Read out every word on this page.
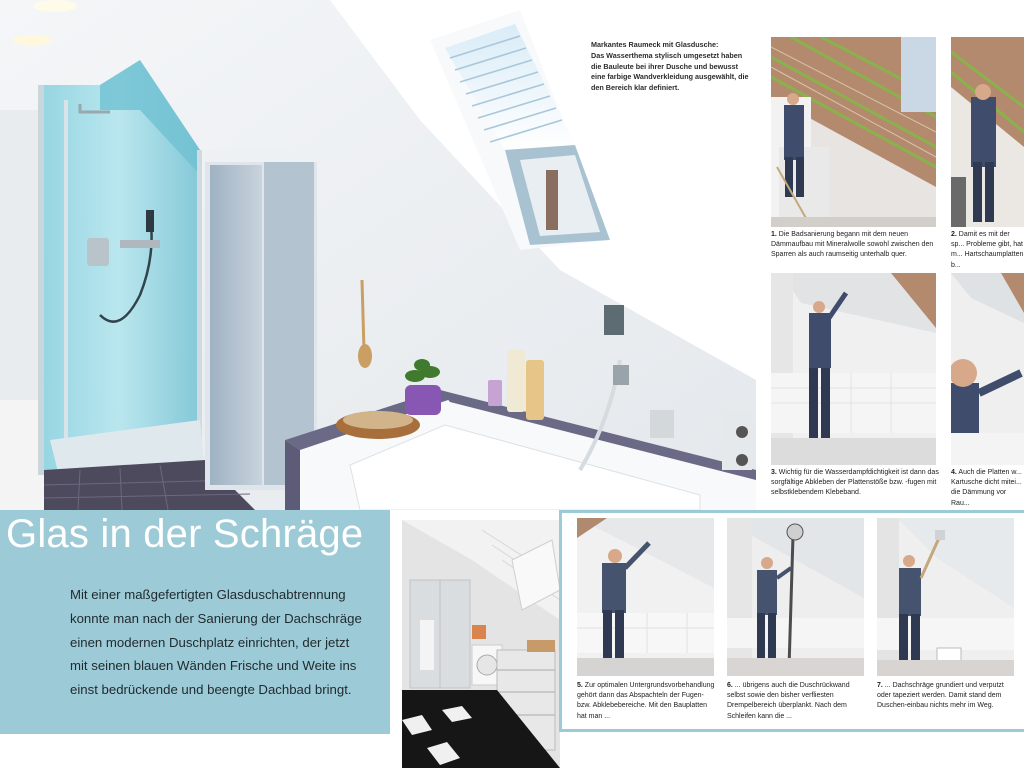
Markantes Raumeck mit Glasdusche:
Das Wasserthema stylisch umgesetzt haben die Bauleute bei ihrer Dusche und bewusst eine farbige Wandverkleidung ausgewählt, die den Bereich klar definiert.
1. Die Badsanierung begann mit dem neuen Dämmaufbau mit Mineralwolle sowohl zwischen den Sparren als auch raumseitig unterhalb quer.
2. Damit es mit der sp... Probleme gibt, hat m... Hartschaumplatten b...
3. Wichtig für die Wasserdampfdichtigkeit ist dann das sorgfältige Abkleben der Plattenstöße bzw. -fugen mit selbstklebendem Klebeband.
4. Auch die Platten w... Kartusche dicht mitei... die Dämmung vor Rau...
Glas in der Schräge
Mit einer maßgefertigten Glasduschabtrennung konnte man nach der Sanierung der Dachschräge einen modernen Duschplatz einrichten, der jetzt mit seinen blauen Wänden Frische und Weite ins einst bedrückende und beengte Dachbad bringt.	5. Zur optimalen Untergrundsvorbehandlung gehört dann das Abspachteln der Fugen- bzw. Abklebebereiche. Mit den Bauplatten hat man ...
6. ... übrigens auch die Duschrückwand selbst sowie den bisher verfliesten Drempelbereich überplankt. Nach dem Schleifen kann die ...
7. ... Dachschräge grundiert und verputzt oder tapeziert werden. Damit stand dem Duschen-einbau nichts mehr im Weg.
